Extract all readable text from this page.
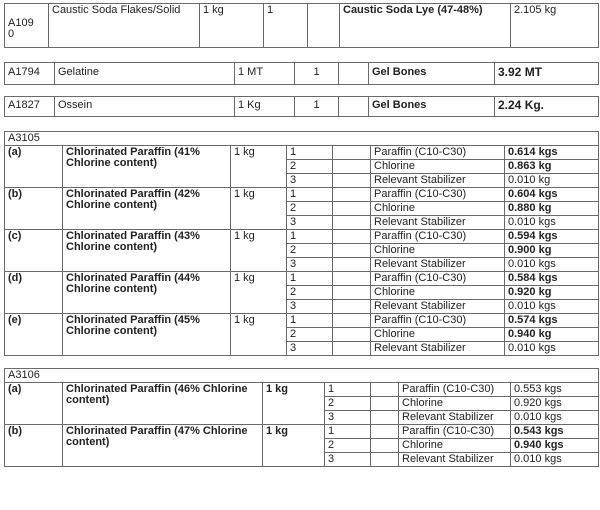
A109
0	Caustic Soda Flakes/Solid	1 kg	1		Caustic Soda Lye (47-48%)	2.105 kg
A1794	Gelatine	1 MT	1		Gel Bones	3.92 MT
A1827	Ossein	1 Kg	1		Gel Bones	2.24 Kg.
A3105						
(a)	Chlorinated Paraffin (41% Chlorine content)	1 kg	1		Paraffin (C10-C30)	0.614 kgs
			2		Chlorine	0.863 kg
			3		Relevant Stabilizer	0.010 kg
(b)	Chlorinated Paraffin (42% Chlorine content)	1 kg	1		Paraffin (C10-C30)	0.604 kgs
			2		Chlorine	0.880 kg
			3		Relevant Stabilizer	0.010 kgs
(c)	Chlorinated Paraffin (43% Chlorine content)	1 kg	1		Paraffin (C10-C30)	0.594 kgs
			2		Chlorine	0.900 kg
			3		Relevant Stabilizer	0.010 kgs
(d)	Chlorinated Paraffin (44% Chlorine content)	1 kg	1		Paraffin (C10-C30)	0.584 kgs
			2		Chlorine	0.920 kg
			3		Relevant Stabilizer	0.010 kgs
(e)	Chlorinated Paraffin (45% Chlorine content)	1 kg	1		Paraffin (C10-C30)	0.574 kgs
			2		Chlorine	0.940 kg
			3		Relevant Stabilizer	0.010 kgs
A3106						
(a)	Chlorinated Paraffin (46% Chlorine content)	1 kg	1		Paraffin (C10-C30)	0.553 kgs
			2		Chlorine	0.920 kgs
			3		Relevant Stabilizer	0.010 kgs
(b)	Chlorinated Paraffin (47% Chlorine content)	1 kg	1		Paraffin (C10-C30)	0.543 kgs
			2		Chlorine	0.940 kgs
			3		Relevant Stabilizer	0.010 kgs
